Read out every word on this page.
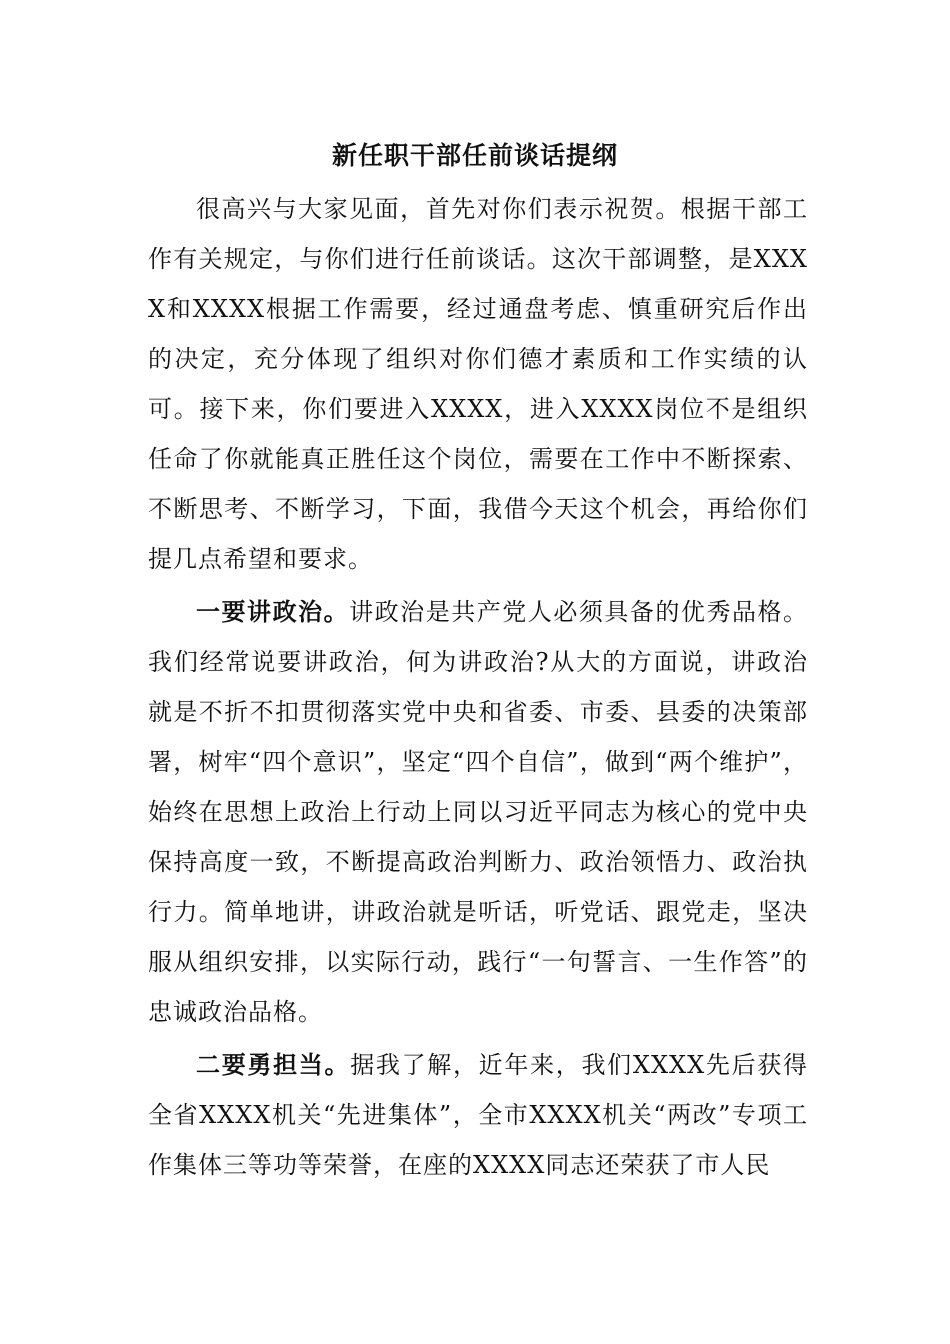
新任职干部任前谈话提纲

很高兴与大家见面，首先对你们表示祝贺。根据干部工作有关规定，与你们进行任前谈话。这次干部调整，是XXXX和XXXX根据工作需要，经过通盘考虑、慎重研究后作出的决定，充分体现了组织对你们德才素质和工作实绩的认可。接下来，你们要进入XXXX，进入XXXX岗位不是组织任命了你就能真正胜任这个岗位，需要在工作中不断探索、不断思考、不断学习，下面，我借今天这个机会，再给你们提几点希望和要求。

一要讲政治。讲政治是共产党人必须具备的优秀品格。我们经常说要讲政治，何为讲政治?从大的方面说，讲政治就是不折不扣贯彻落实党中央和省委、市委、县委的决策部署，树牢“四个意识”，坚定“四个自信”，做到“两个维护”，始终在思想上政治上行动上同以习近平同志为核心的党中央保持高度一致，不断提高政治判断力、政治领悟力、政治执行力。简单地讲，讲政治就是听话，听党话、跟党走，坚决服从组织安排，以实际行动，践行“一句誓言、一生作答”的忠诚政治品格。

二要勇担当。据我了解，近年来，我们XXXX先后获得全省XXXX机关“先进集体”，全市XXXX机关“两改”专项工作集体三等功等荣誉，在座的XXXX同志还荣获了市人民
